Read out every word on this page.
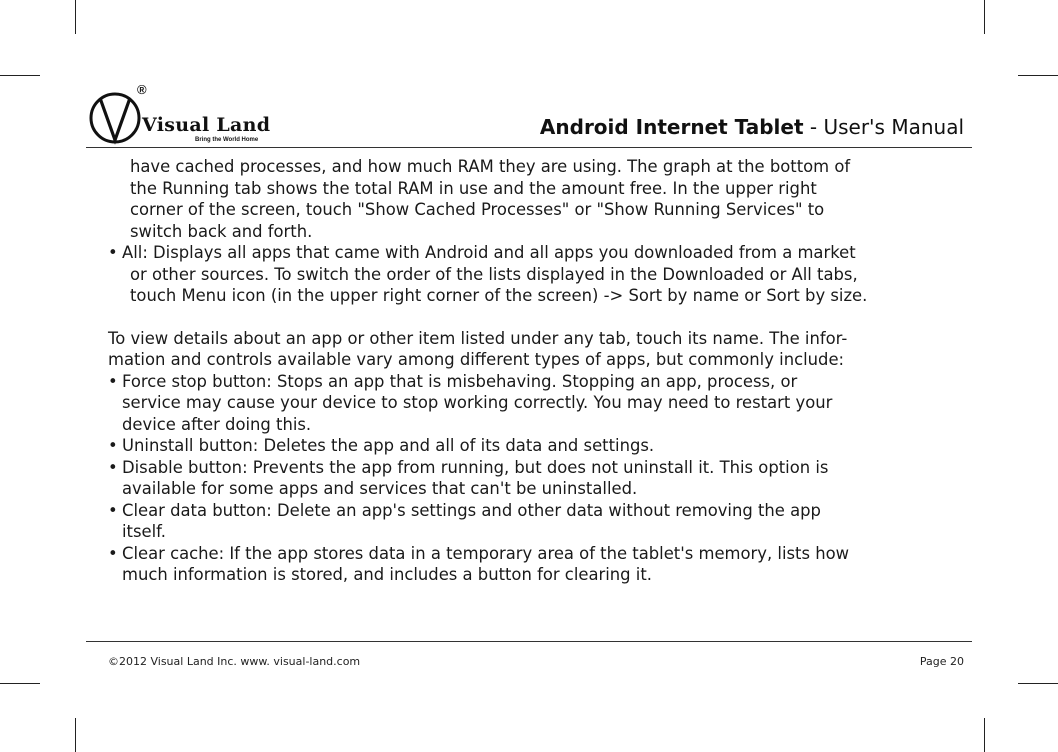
®
Visual Land
Bring the World Home
Android Internet Tablet - User's Manual

have cached processes, and how much RAM they are using. The graph at the bottom of

the Running tab shows the total RAM in use and the amount free. In the upper right

corner of the screen, touch "Show Cached Processes" or "Show Running Services" to

switch back and forth.

• All: Displays all apps that came with Android and all apps you downloaded from a market

or other sources. To switch the order of the lists displayed in the Downloaded or All tabs,

touch Menu icon (in the upper right corner of the screen) -> Sort by name or Sort by size.

To view details about an app or other item listed under any tab, touch its name. The infor-

mation and controls available vary among different types of apps, but commonly include:

• Force stop button: Stops an app that is misbehaving. Stopping an app, process, or

service may cause your device to stop working correctly. You may need to restart your

device after doing this.

• Uninstall button: Deletes the app and all of its data and settings.

• Disable button: Prevents the app from running, but does not uninstall it. This option is

available for some apps and services that can't be uninstalled.

• Clear data button: Delete an app's settings and other data without removing the app

itself.

• Clear cache: If the app stores data in a temporary area of the tablet's memory, lists how

much information is stored, and includes a button for clearing it.

©2012 Visual Land Inc. www. visual-land.com	Page 20
